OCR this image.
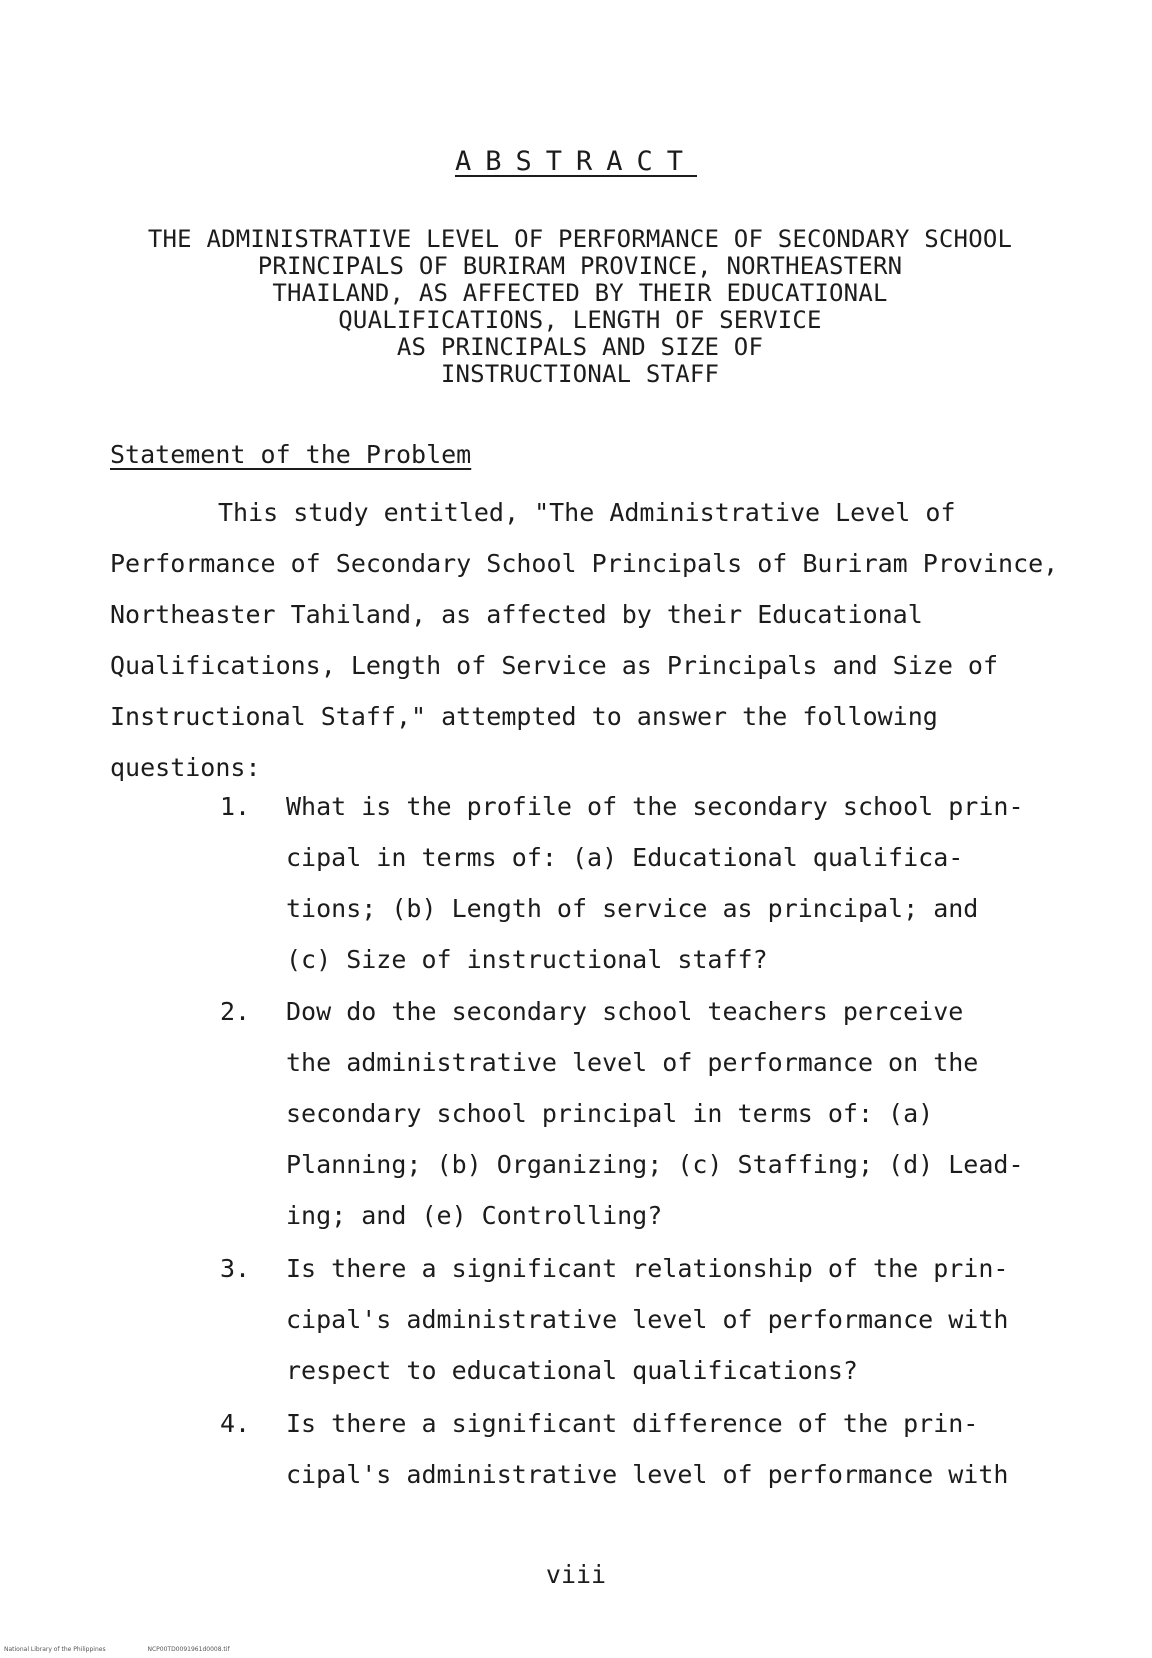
ABSTRACT
THE ADMINISTRATIVE LEVEL OF PERFORMANCE OF SECONDARY SCHOOL
PRINCIPALS OF BURIRAM PROVINCE, NORTHEASTERN
THAILAND, AS AFFECTED BY THEIR EDUCATIONAL
QUALIFICATIONS, LENGTH OF SERVICE
AS PRINCIPALS AND SIZE OF
INSTRUCTIONAL STAFF
Statement of the Problem
This study entitled, "The Administrative Level of
Performance of Secondary School Principals of Buriram Province,
Northeaster Tahiland, as affected by their Educational
Qualifications, Length of Service as Principals and Size of
Instructional Staff," attempted to answer the following
questions:
1.	What is the profile of the secondary school prin-
cipal in terms of: (a) Educational qualifica-
tions; (b) Length of service as principal; and
(c) Size of instructional staff?
2.	Dow do the secondary school teachers perceive
the administrative level of performance on the
secondary school principal in terms of: (a)
Planning; (b) Organizing; (c) Staffing; (d) Lead-
ing; and (e) Controlling?
3.	Is there a significant relationship of the prin-
cipal's administrative level of performance with
respect to educational qualifications?
4.	Is there a significant difference of the prin-
cipal's administrative level of performance with
viii
National Library of the Philippines	NCP00TD0091961d0008.tif
